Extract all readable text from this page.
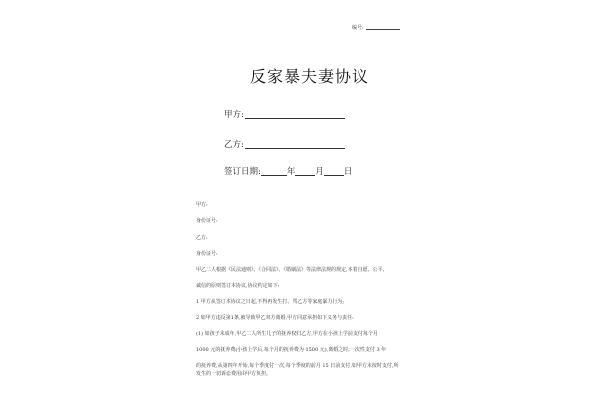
编号:
反家暴夫妻协议
甲方:
乙方:
签订日期:	年 月 日
甲方:
身份证号:
乙方:
身份证号:
甲乙二人根据《民法通则》、《合同法》、《婚姻法》等法律法规的规定,本着自愿、公平、
诚信的原则签订本协议,协议约定如下:
1 甲方从签订本协议之日起,不得再发生打、骂乙方等家庭暴力行为;
2 如甲方违反第1条,被导致甲乙双方离婚,甲方同意承担如下义务与责任:
(1) 如孩子未成年,甲乙二人所生儿子的抚养权归乙方,甲方在小孩上学前支付每个月
1000 元的抚养费(小孩上学后,每个月的抚养费为 1500 元),离婚之时,一次性支付 3 年
的抚养费,从第四年开始,每个季度付一次,每个季度的前月 15 日前支付,如甲方未按时支付,所
发生的一切诉讼费用由甲方负担。
